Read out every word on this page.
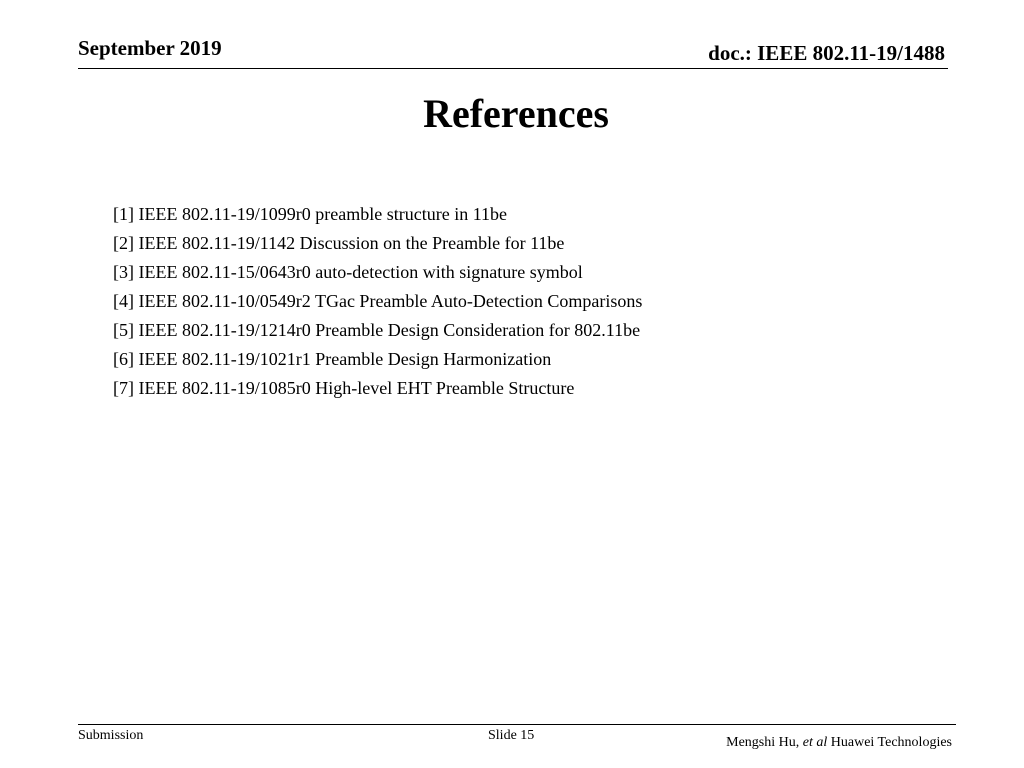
September 2019	doc.: IEEE 802.11-19/1488
References
[1] IEEE 802.11-19/1099r0 preamble structure in 11be
[2] IEEE 802.11-19/1142 Discussion on the Preamble for 11be
[3] IEEE 802.11-15/0643r0 auto-detection with signature symbol
[4] IEEE 802.11-10/0549r2 TGac Preamble Auto-Detection Comparisons
[5] IEEE 802.11-19/1214r0 Preamble Design Consideration for 802.11be
[6] IEEE 802.11-19/1021r1 Preamble Design Harmonization
[7] IEEE 802.11-19/1085r0 High-level EHT Preamble Structure
Submission	Slide 15	Mengshi Hu, et al Huawei Technologies
